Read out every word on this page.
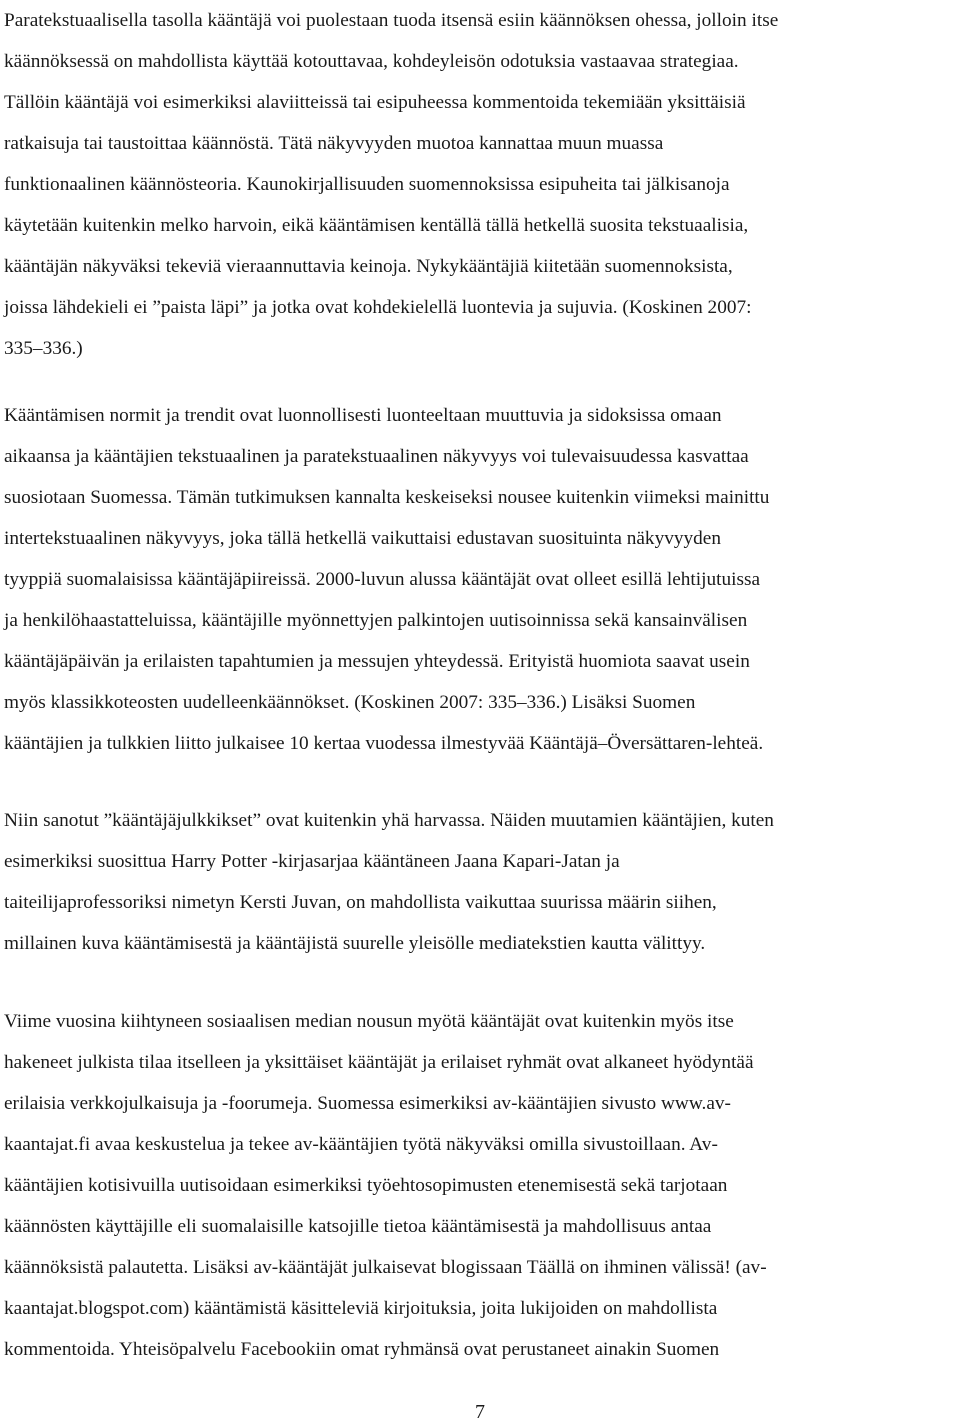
Paratekstuaalisella tasolla kääntäjä voi puolestaan tuoda itsensä esiin käännöksen ohessa, jolloin itse
käännöksessä on mahdollista käyttää kotouttavaa, kohdeyleisön odotuksia vastaavaa strategiaa.
Tällöin kääntäjä voi esimerkiksi alaviitteissä tai esipuheessa kommentoida tekemiään yksittäisiä
ratkaisuja tai taustoittaa käännöstä. Tätä näkyvyyden muotoa kannattaa muun muassa
funktionaalinen käännösteoria. Kaunokirjallisuuden suomennoksissa esipuheita tai jälkisanoja
käytetään kuitenkin melko harvoin, eikä kääntämisen kentällä tällä hetkellä suosita tekstuaalisia,
kääntäjän näkyväksi tekeviä vieraannuttavia keinoja. Nykykääntäjiä kiitetään suomennoksista,
joissa lähdekieli ei ”paista läpi” ja jotka ovat kohdekielellä luontevia ja sujuvia. (Koskinen 2007:
335–336.)
Kääntämisen normit ja trendit ovat luonnollisesti luonteeltaan muuttuvia ja sidoksissa omaan
aikaansa ja kääntäjien tekstuaalinen ja paratekstuaalinen näkyvyys voi tulevaisuudessa kasvattaa
suosiotaan Suomessa. Tämän tutkimuksen kannalta keskeiseksi nousee kuitenkin viimeksi mainittu
intertekstuaalinen näkyvyys, joka tällä hetkellä vaikuttaisi edustavan suosituinta näkyvyyden
tyyppiä suomalaisissa kääntäjäpiireissä. 2000-luvun alussa kääntäjät ovat olleet esillä lehtijutuissa
ja henkilöhaastatteluissa, kääntäjille myönnettyjen palkintojen uutisoinnissa sekä kansainvälisen
kääntäjäpäivän ja erilaisten tapahtumien ja messujen yhteydessä. Erityistä huomiota saavat usein
myös klassikkoteosten uudelleenkäännökset. (Koskinen 2007: 335–336.) Lisäksi Suomen
kääntäjien ja tulkkien liitto julkaisee 10 kertaa vuodessa ilmestyvää Kääntäjä–Översättaren-lehteä.
Niin sanotut ”kääntäjäjulkkikset” ovat kuitenkin yhä harvassa. Näiden muutamien kääntäjien, kuten
esimerkiksi suosittua Harry Potter -kirjasarjaa kääntäneen Jaana Kapari-Jatan ja
taiteilijaprofessoriksi nimetyn Kersti Juvan, on mahdollista vaikuttaa suurissa määrin siihen,
millainen kuva kääntämisestä ja kääntäjistä suurelle yleisölle mediatekstien kautta välittyy.
Viime vuosina kiihtyneen sosiaalisen median nousun myötä kääntäjät ovat kuitenkin myös itse
hakeneet julkista tilaa itselleen ja yksittäiset kääntäjät ja erilaiset ryhmät ovat alkaneet hyödyntää
erilaisia verkkojulkaisuja ja -foorumeja. Suomessa esimerkiksi av-kääntäjien sivusto www.av-
kaantajat.fi avaa keskustelua ja tekee av-kääntäjien työtä näkyväksi omilla sivustoillaan. Av-
kääntäjien kotisivuilla uutisoidaan esimerkiksi työehtosopimusten etenemisestä sekä tarjotaan
käännösten käyttäjille eli suomalaisille katsojille tietoa kääntämisestä ja mahdollisuus antaa
käännöksistä palautetta. Lisäksi av-kääntäjät julkaisevat blogissaan Täällä on ihminen välissä! (av-
kaantajat.blogspot.com) kääntämistä käsitteleviä kirjoituksia, joita lukijoiden on mahdollista
kommentoida. Yhteisöpalvelu Facebookiin omat ryhmänsä ovat perustaneet ainakin Suomen
7
